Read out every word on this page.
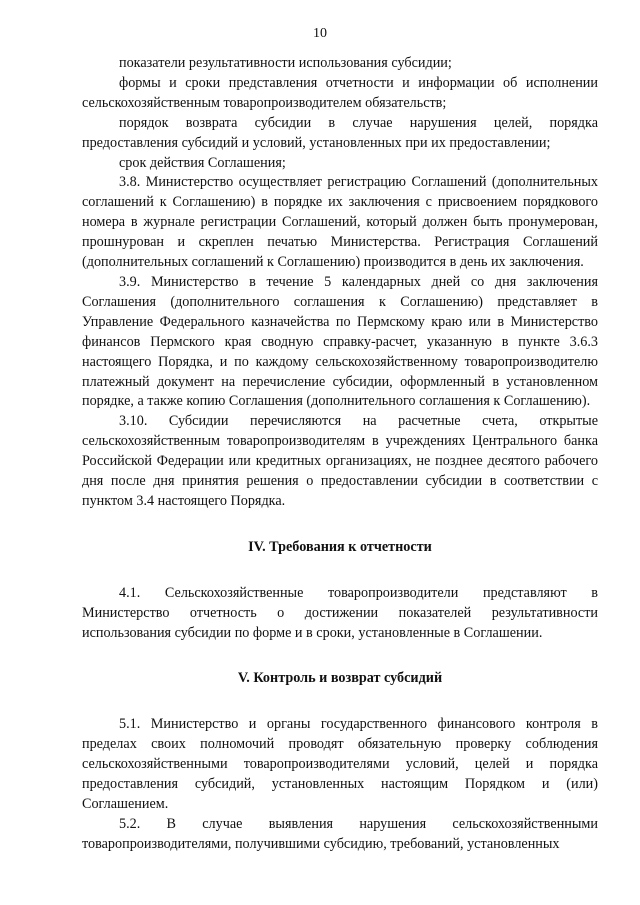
10

показатели результативности использования субсидии;

формы и сроки представления отчетности и информации об исполнении сельскохозяйственным товаропроизводителем обязательств;

порядок возврата субсидии в случае нарушения целей, порядка предоставления субсидий и условий, установленных при их предоставлении;

срок действия Соглашения;

3.8. Министерство осуществляет регистрацию Соглашений (дополнительных соглашений к Соглашению) в порядке их заключения с присвоением порядкового номера в журнале регистрации Соглашений, который должен быть пронумерован, прошнурован и скреплен печатью Министерства. Регистрация Соглашений (дополнительных соглашений к Соглашению) производится в день их заключения.

3.9. Министерство в течение 5 календарных дней со дня заключения Соглашения (дополнительного соглашения к Соглашению) представляет в Управление Федерального казначейства по Пермскому краю или в Министерство финансов Пермского края сводную справку-расчет, указанную в пункте 3.6.3 настоящего Порядка, и по каждому сельскохозяйственному товаропроизводителю платежный документ на перечисление субсидии, оформленный в установленном порядке, а также копию Соглашения (дополнительного соглашения к Соглашению).

3.10. Субсидии перечисляются на расчетные счета, открытые сельскохозяйственным товаропроизводителям в учреждениях Центрального банка Российской Федерации или кредитных организациях, не позднее десятого рабочего дня после дня принятия решения о предоставлении субсидии в соответствии с пунктом 3.4 настоящего Порядка.

IV. Требования к отчетности

4.1. Сельскохозяйственные товаропроизводители представляют в Министерство отчетность о достижении показателей результативности использования субсидии по форме и в сроки, установленные в Соглашении.

V. Контроль и возврат субсидий

5.1. Министерство и органы государственного финансового контроля в пределах своих полномочий проводят обязательную проверку соблюдения сельскохозяйственными товаропроизводителями условий, целей и порядка предоставления субсидий, установленных настоящим Порядком и (или) Соглашением.

5.2. В случае выявления нарушения сельскохозяйственными товаропроизводителями, получившими субсидию, требований, установленных
